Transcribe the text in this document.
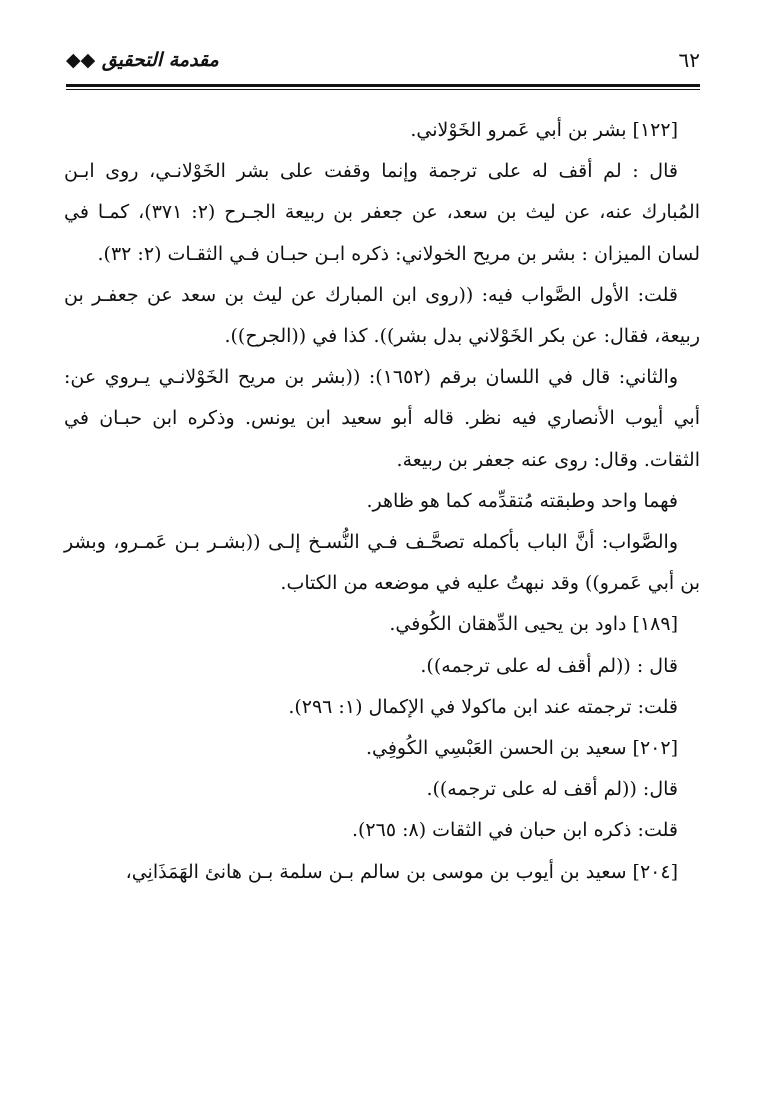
٦٢
مقدمة التحقيق ◆◆

[١٢٢] بشر بن أبي عَمرو الخَوْلاني.

قال : لم أقف له على ترجمة وإنما وقفت على بشر الخَوْلانـي، روى ابـن المُبارك عنه، عن ليث بن سعد، عن جعفر بن ربيعة الجـرح (٢: ٣٧١)، كمـا في لسان الميزان : بشر بن مريح الخولاني: ذكره ابـن حبـان فـي الثقـات (٢: ٣٢).

قلت: الأول الصَّواب فيه: ((روى ابن المبارك عن ليث بن سعد عن جعفـر بن ربيعة، فقال: عن بكر الخَوْلاني بدل بشر)). كذا في ((الجرح)).

والثاني: قال في اللسان برقم (١٦٥٢): ((بشر بن مريح الخَوْلانـي يـروي عن: أبي أيوب الأنصاري فيه نظر. قاله أبو سعيد ابن يونس. وذكره ابن حبـان في الثقات. وقال: روى عنه جعفر بن ربيعة.

فهما واحد وطبقته مُتقدِّمه كما هو ظاهر.

والصَّواب: أنَّ الباب بأكمله تصحَّـف فـي النُّسـخ إلـى ((بشـر بـن عَمـرو، وبشر بن أبي عَمرو)) وقد نبهتُ عليه في موضعه من الكتاب.

[١٨٩] داود بن يحيى الدِّهقان الكُوفي.

قال : ((لم أقف له على ترجمه)).

قلت: ترجمته عند ابن ماكولا في الإكمال (١: ٢٩٦).

[٢٠٢] سعيد بن الحسن العَبْسِي الكُوفِي.

قال: ((لم أقف له على ترجمه)).

قلت: ذكره ابن حبان في الثقات (٨: ٢٦٥).

[٢٠٤] سعيد بن أيوب بن موسى بن سالم بـن سلمة بـن هانئ الهَمَذَانِي،
